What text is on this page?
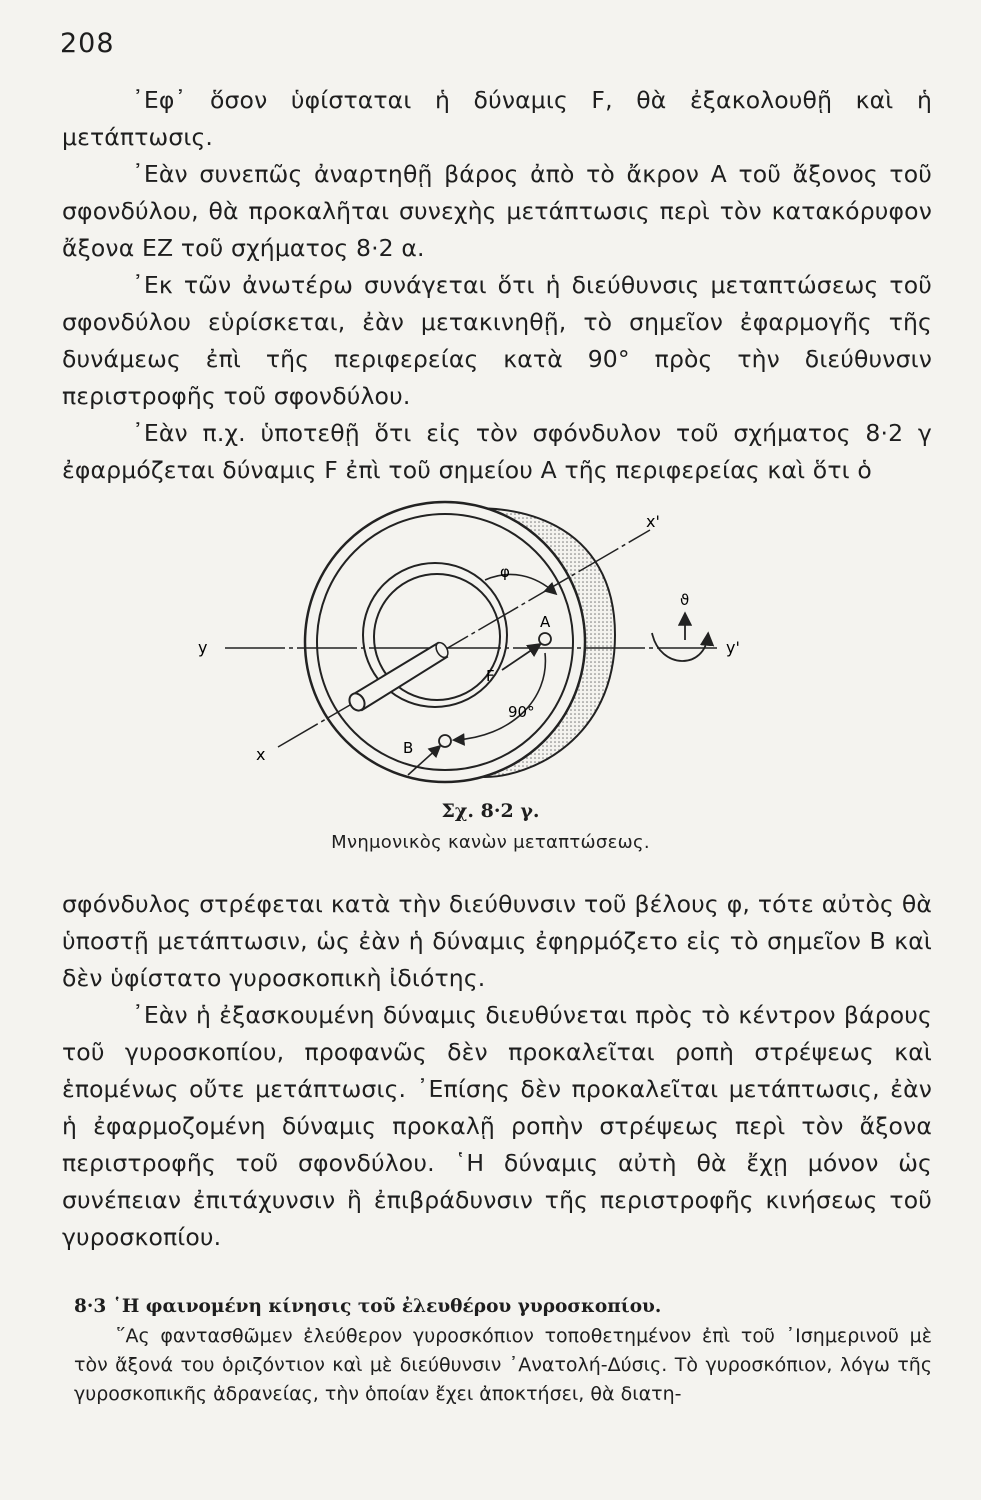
208

᾿Εφ᾿ ὅσον ὑφίσταται ἡ δύναμις F, θὰ ἐξακολουθῇ καὶ ἡ μετάπτωσις.

᾿Εὰν συνεπῶς ἀναρτηθῇ βάρος ἀπὸ τὸ ἄκρον Α τοῦ ἄξονος τοῦ σφονδύλου, θὰ προκαλῆται συνεχὴς μετάπτωσις περὶ τὸν κατακόρυφον ἄξονα ΕΖ τοῦ σχήματος 8·2 α.

᾿Εκ τῶν ἀνωτέρω συνάγεται ὅτι ἡ διεύθυνσις μεταπτώσεως τοῦ σφονδύλου εὑρίσκεται, ἐὰν μετακινηθῇ, τὸ σημεῖον ἐφαρμογῆς τῆς δυνάμεως ἐπὶ τῆς περιφερείας κατὰ 90° πρὸς τὴν διεύθυνσιν περιστροφῆς τοῦ σφονδύλου.

᾿Εὰν π.χ. ὑποτεθῇ ὅτι εἰς τὸν σφόνδυλον τοῦ σχήματος 8·2 γ ἐφαρμόζεται δύναμις F ἐπὶ τοῦ σημείου Α τῆς περιφερείας καὶ ὅτι ὁ

φ
A
F
90°
B
ϑ
y	y'
x'
x
Σχ. 8·2 γ.
Μνημονικὸς κανὼν μεταπτώσεως.

σφόνδυλος στρέφεται κατὰ τὴν διεύθυνσιν τοῦ βέλους φ, τότε αὐτὸς θὰ ὑποστῇ μετάπτωσιν, ὡς ἐὰν ἡ δύναμις ἐφηρμόζετο εἰς τὸ σημεῖον Β καὶ δὲν ὑφίστατο γυροσκοπικὴ ἰδιότης.

᾿Εὰν ἡ ἐξασκουμένη δύναμις διευθύνεται πρὸς τὸ κέντρον βάρους τοῦ γυροσκοπίου, προφανῶς δὲν προκαλεῖται ροπὴ στρέψεως καὶ ἑπομένως οὔτε μετάπτωσις. ᾿Επίσης δὲν προκαλεῖται μετάπτωσις, ἐὰν ἡ ἐφαρμοζομένη δύναμις προκαλῇ ροπὴν στρέψεως περὶ τὸν ἄξονα περιστροφῆς τοῦ σφονδύλου. ῾Η δύναμις αὐτὴ θὰ ἔχῃ μόνον ὡς συνέπειαν ἐπιτάχυνσιν ἢ ἐπιβράδυνσιν τῆς περιστροφῆς κινήσεως τοῦ γυροσκοπίου.

8·3 ῾Η φαινομένη κίνησις τοῦ ἐλευθέρου γυροσκοπίου.

῞Ας φαντασθῶμεν ἐλεύθερον γυροσκόπιον τοποθετημένον ἐπὶ τοῦ ᾿Ισημερινοῦ μὲ τὸν ἄξονά του ὁριζόντιον καὶ μὲ διεύθυνσιν ᾿Ανατολή-Δύσις. Τὸ γυροσκόπιον, λόγω τῆς γυροσκοπικῆς ἀδρανείας, τὴν ὁποίαν ἔχει ἀποκτήσει, θὰ διατη-
